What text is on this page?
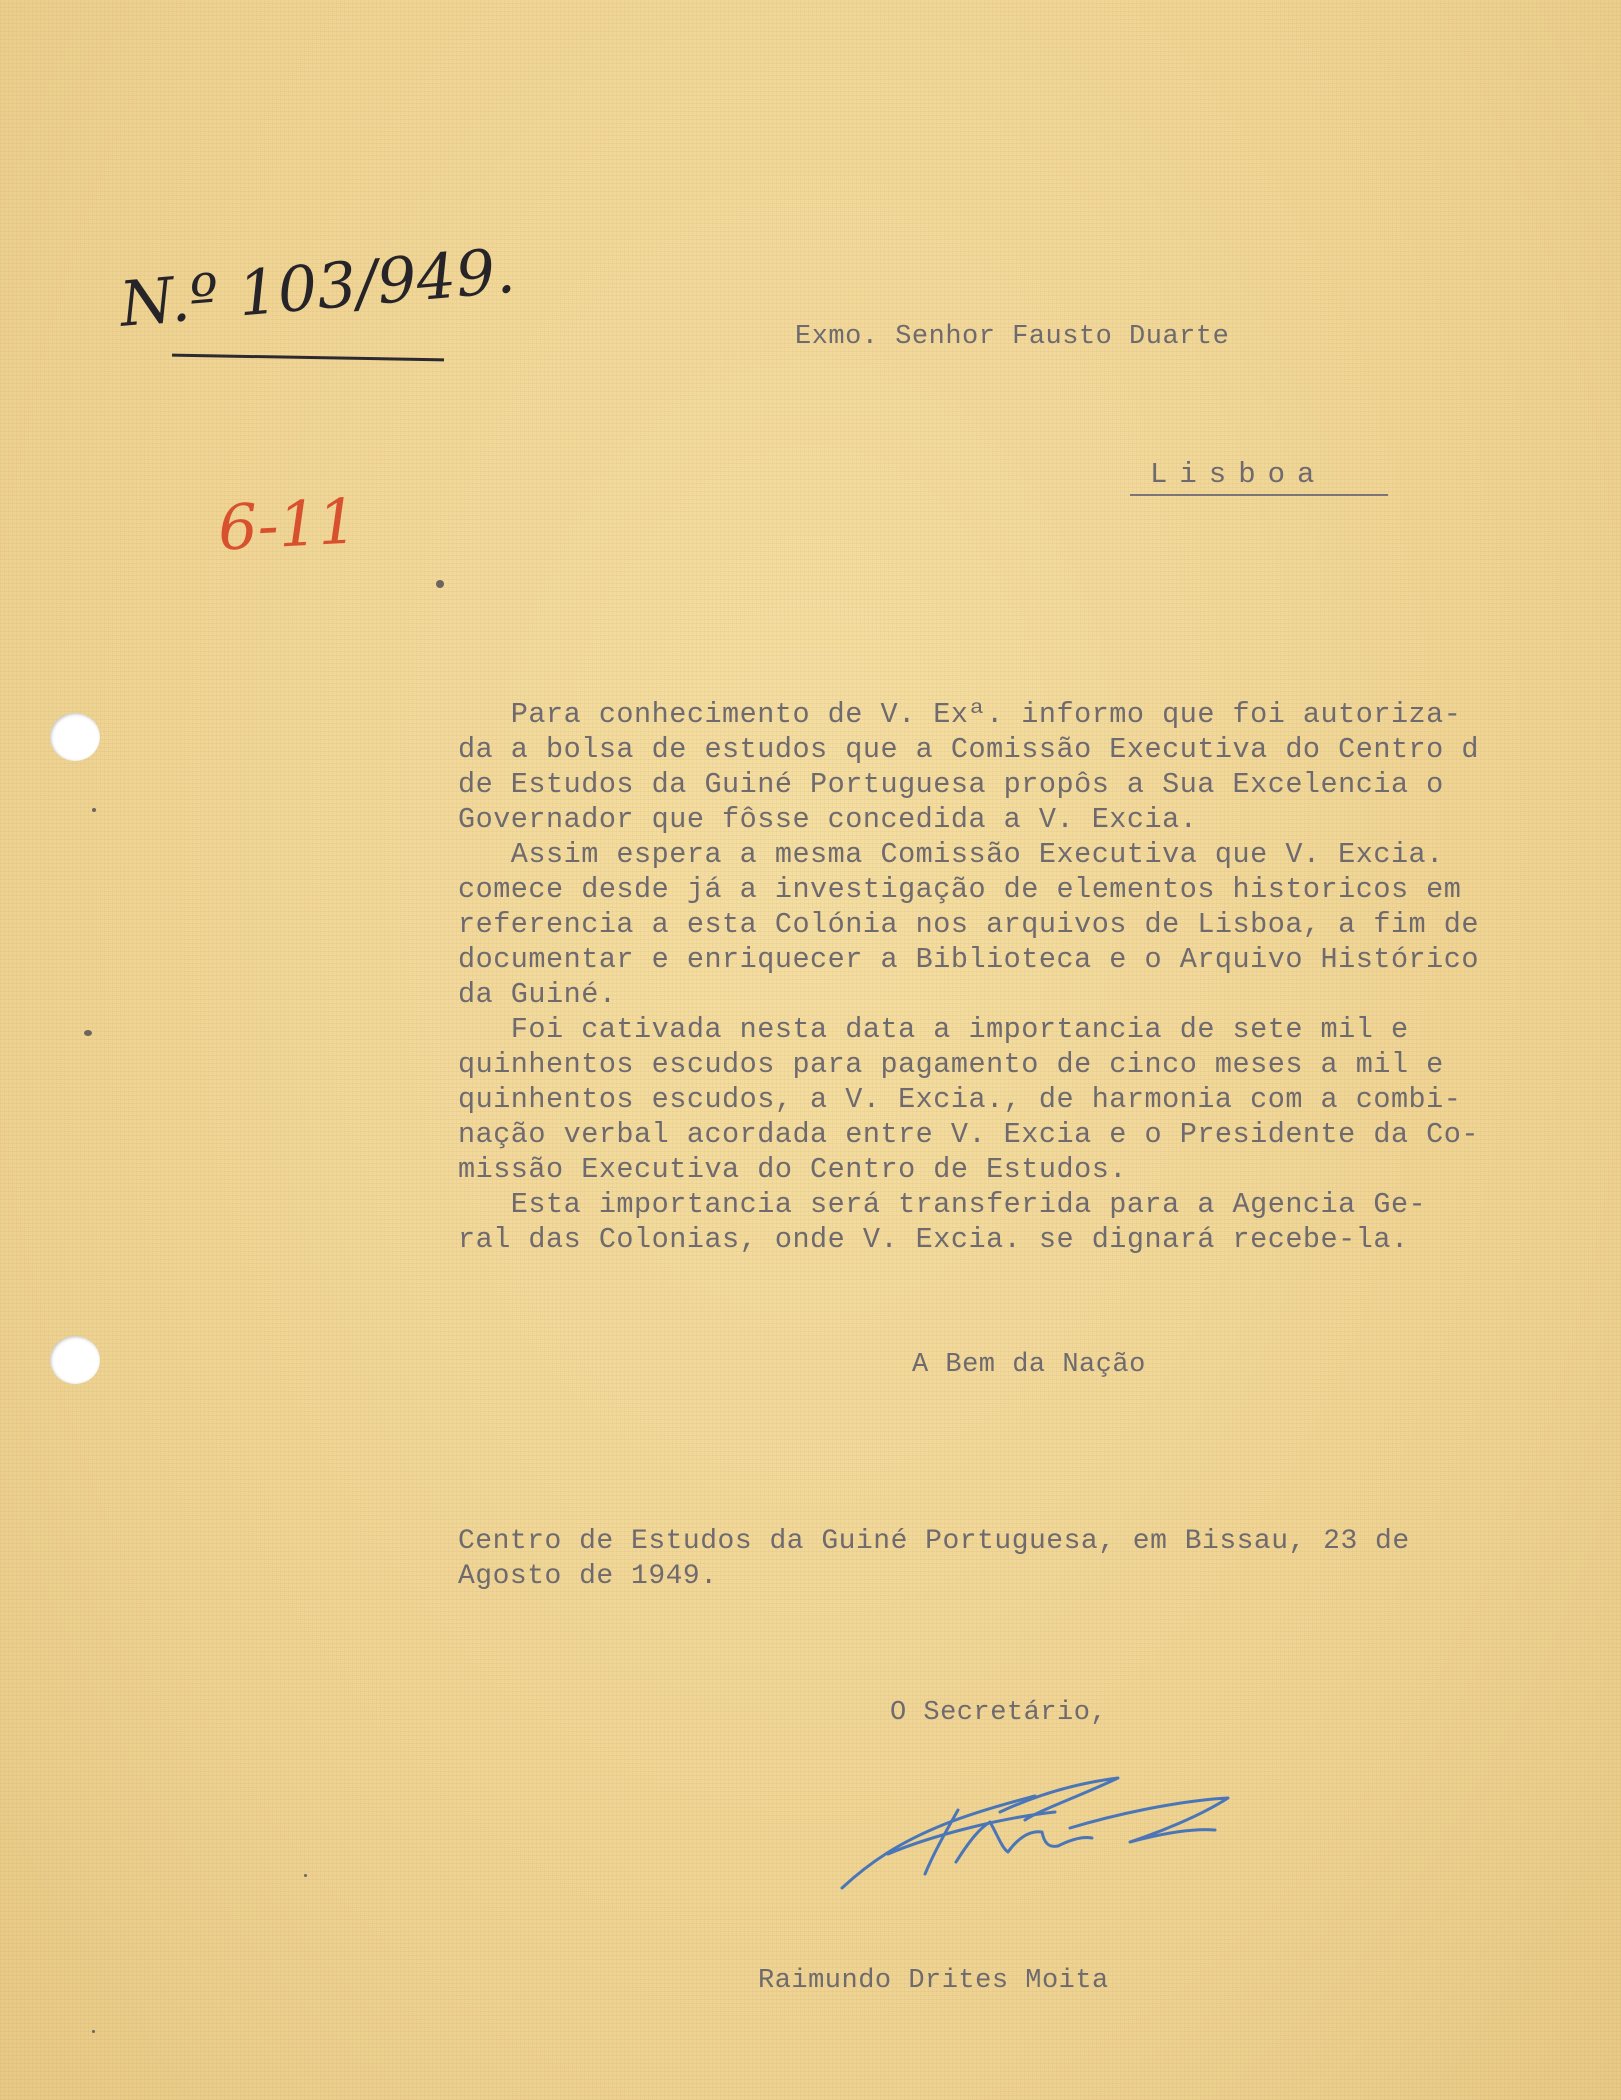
N.º 103/949.
6-11
Exmo. Senhor Fausto Duarte
Lisboa
Para conhecimento de V. Exª. informo que foi autoriza-
da a bolsa de estudos que a Comissão Executiva do Centro d
de Estudos da Guiné Portuguesa propôs a Sua Excelencia o
Governador que fôsse concedida a V. Excia.
Assim espera a mesma Comissão Executiva que V. Excia.
comece desde já a investigação de elementos historicos em
referencia a esta Colónia nos arquivos de Lisboa, a fim de
documentar e enriquecer a Biblioteca e o Arquivo Histórico
da Guiné.
Foi cativada nesta data a importancia de sete mil e
quinhentos escudos para pagamento de cinco meses a mil e
quinhentos escudos, a V. Excia., de harmonia com a combi-
nação verbal acordada entre V. Excia e o Presidente da Co-
missão Executiva do Centro de Estudos.
Esta importancia será transferida para a Agencia Ge-
ral das Colonias, onde V. Excia. se dignará recebe-la.
A Bem da Nação
Centro de Estudos da Guiné Portuguesa, em Bissau, 23 de
Agosto de 1949.
O Secretário,
Raimundo Drites Moita
